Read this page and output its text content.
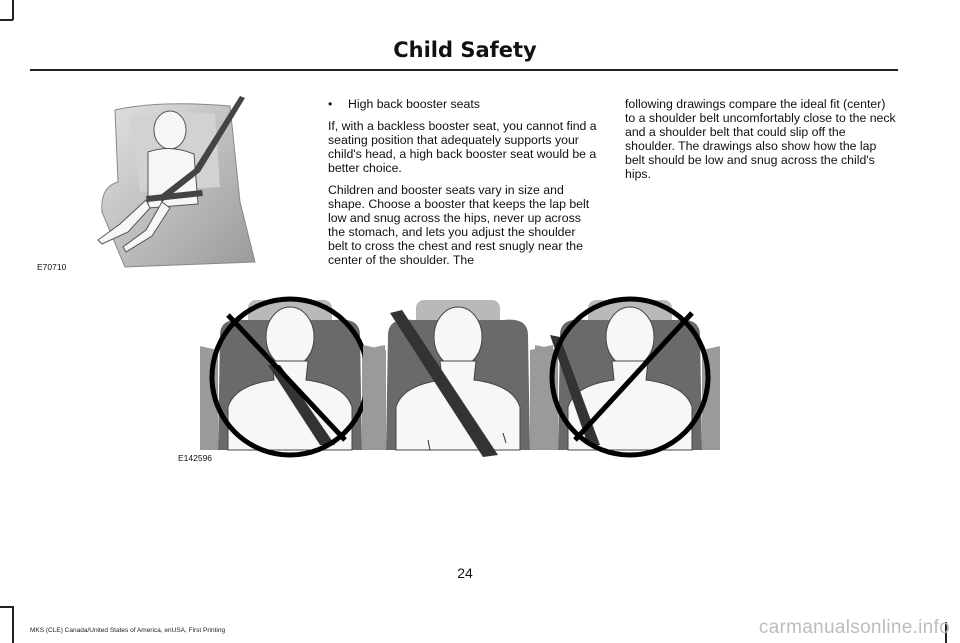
Child Safety
E70710

• High back booster seats

If, with a backless booster seat, you cannot find a seating position that adequately supports your child's head, a high back booster seat would be a better choice.

Children and booster seats vary in size and shape. Choose a booster that keeps the lap belt low and snug across the hips, never up across the stomach, and lets you adjust the shoulder belt to cross the chest and rest snugly near the center of the shoulder. The

following drawings compare the ideal fit (center) to a shoulder belt uncomfortably close to the neck and a shoulder belt that could slip off the shoulder. The drawings also show how the lap belt should be low and snug across the child's hips.

E142596
24
MKS (CLE) Canada/United States of America, enUSA, First Printing	carmanualsonline.info
